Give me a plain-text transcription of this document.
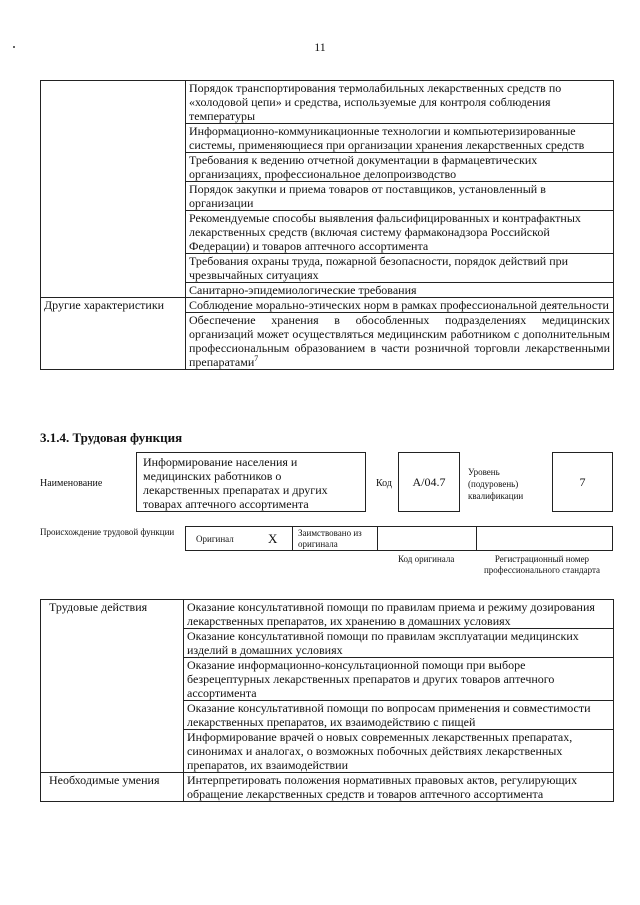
11
	Порядок транспортирования термолабильных лекарственных средств по «холодовой цепи» и средства, используемые для контроля соблюдения температуры
	Информационно-коммуникационные технологии и компьютеризированные системы, применяющиеся при организации хранения лекарственных средств
	Требования к ведению отчетной документации в фармацевтических организациях, профессиональное делопроизводство
	Порядок закупки и приема товаров от поставщиков, установленный в организации
	Рекомендуемые способы выявления фальсифицированных и контрафактных лекарственных средств (включая систему фармаконадзора Российской Федерации) и товаров аптечного ассортимента
	Требования охраны труда, пожарной безопасности, порядок действий при чрезвычайных ситуациях
	Санитарно-эпидемиологические требования
Другие характеристики	Соблюдение морально-этических норм в рамках профессиональной деятельности
	Обеспечение хранения в обособленных подразделениях медицинских организаций может осуществляться медицинским работником с дополнительным профессиональным образованием в части розничной торговли лекарственными препаратами$^7$
3.1.4. Трудовая функция
Наименование
Информирование населения и медицинских работников о лекарственных препаратах и других товарах аптечного ассортимента
Код	А/04.7
Уровень (подуровень) квалификации
7
Происхождение трудовой функции
Оригинал	X Заимствовано из оригинала
Код оригинала	Регистрационный номер профессионального стандарта
Трудовые действия	Оказание консультативной помощи по правилам приема и режиму дозирования лекарственных препаратов, их хранению в домашних условиях
	Оказание консультативной помощи по правилам эксплуатации медицинских изделий в домашних условиях
	Оказание информационно-консультационной помощи при выборе безрецептурных лекарственных препаратов и других товаров аптечного ассортимента
	Оказание консультативной помощи по вопросам применения и совместимости лекарственных препаратов, их взаимодействию с пищей
	Информирование врачей о новых современных лекарственных препаратах, синонимах и аналогах, о возможных побочных действиях лекарственных препаратов, их взаимодействии
Необходимые умения	Интерпретировать положения нормативных правовых актов, регулирующих обращение лекарственных средств и товаров аптечного ассортимента
